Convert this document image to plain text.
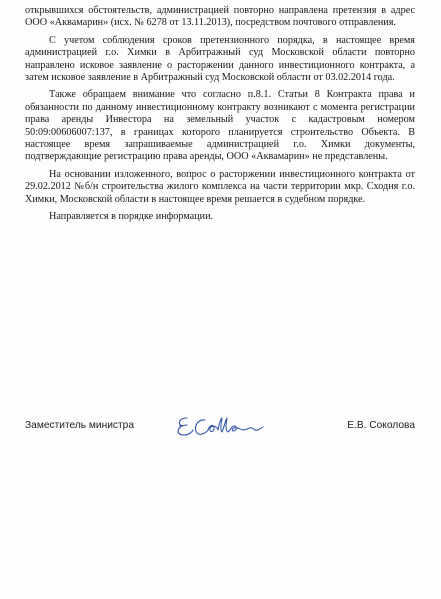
открывшихся обстоятельств, администрацией повторно направлена претензия в адрес ООО «Аквамарин» (исх. № 6278 от 13.11.2013), посредством почтового отправления.

С учетом соблюдения сроков претензионного порядка, в настоящее время администрацией г.о. Химки в Арбитражный суд Московской области повторно направлено исковое заявление о расторжении данного инвестиционного контракта, а затем исковое заявление в Арбитражный суд Московской области от 03.02.2014 года.

Также обращаем внимание что согласно п.8.1. Статьи 8 Контракта права и обязанности по данному инвестиционному контракту возникают с момента регистрации права аренды Инвестора на земельный участок с кадастровым номером 50:09:00606007:137, в границах которого планируется строительство Объекта. В настоящее время запрашиваемые администрацией г.о. Химки документы, подтверждающие регистрацию права аренды, ООО «Аквамарин» не представлены.

На основании изложенного, вопрос о расторжении инвестиционного контракта от 29.02.2012 №б/н строительства жилого комплекса на части территории мкр. Сходня г.о. Химки, Московской области в настоящее время решается в судебном порядке.

Направляется в порядке информации.

Заместитель министра	Е.В. Соколова
